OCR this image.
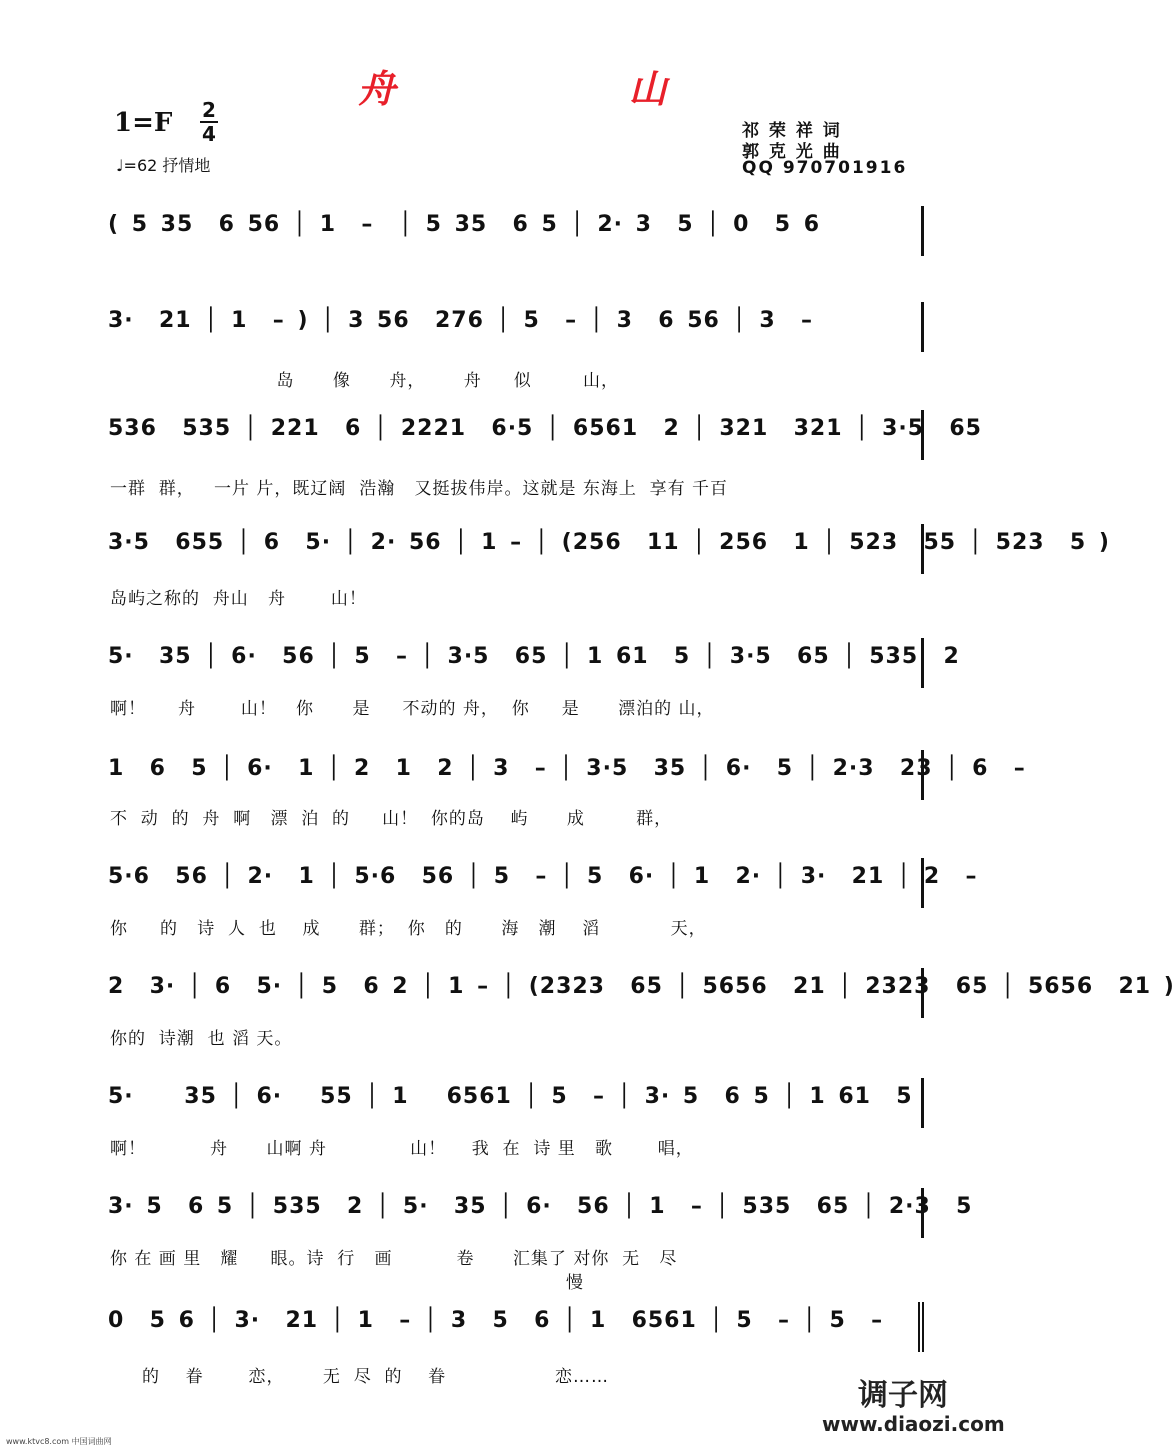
舟 山
1=F 2
4
♩=62 抒情地
祁 荣 祥 词
郭 克 光 曲
QQ 970701916
( 5 35  6 56 │ 1  –  │ 5 35  6 5 │ 2· 3  5 │ 0  5 6
3·  21 │ 1  – ) │ 3 56  276 │ 5  – │ 3  6 56 │ 3  –
岛      像      舟，      舟     似        山，
536  535 │ 221  6 │ 2221  6·5 │ 6561  2 │ 321  321 │ 3·5  65
一群  群，   一片 片，既辽阔  浩瀚   又挺拔伟岸。这就是 东海上  享有 千百
3·5  655 │ 6  5· │ 2· 56 │ 1 – │ (256  11 │ 256  1 │ 523  55 │ 523  5 )
岛屿之称的  舟山   舟       山！
5·  35 │ 6·  56 │ 5  – │ 3·5  65 │ 1 61  5 │ 3·5  65 │ 535  2
啊！     舟       山！   你      是     不动的 舟，  你     是      漂泊的 山，
1  6  5 │ 6·  1 │ 2  1  2 │ 3  – │ 3·5  35 │ 6·  5 │ 2·3  23 │ 6  –
不  动  的  舟  啊   漂  泊  的     山！  你的岛    屿      成        群，
5·6  56 │ 2·  1 │ 5·6  56 │ 5  – │ 5  6· │ 1  2· │ 3·  21 │ 2  –
你     的   诗  人  也    成      群；  你   的      海   潮    滔           天，
2  3· │ 6  5· │ 5  6 2 │ 1 – │ (2323  65 │ 5656  21 │ 2323  65 │ 5656  21 )
你的  诗潮  也 滔 天。
5·    35 │ 6·   55 │ 1   6561 │ 5  – │ 3· 5  6 5 │ 1 61  5
啊！          舟      山啊 舟             山！    我  在  诗 里   歌       唱，
3· 5  6 5 │ 535  2 │ 5·  35 │ 6·  56 │ 1  – │ 535  65 │ 2·3  5
你 在 画 里   耀     眼。诗  行   画          卷      汇集了 对你  无   尽
慢
0  5 6 │ 3·  21 │ 1  – │ 3  5  6 │ 1  6561 │ 5  – │ 5  –
的    眷       恋，      无  尽  的    眷                 恋……
调子网
www.diaozi.com
www.ktvc8.com 中国词曲网
